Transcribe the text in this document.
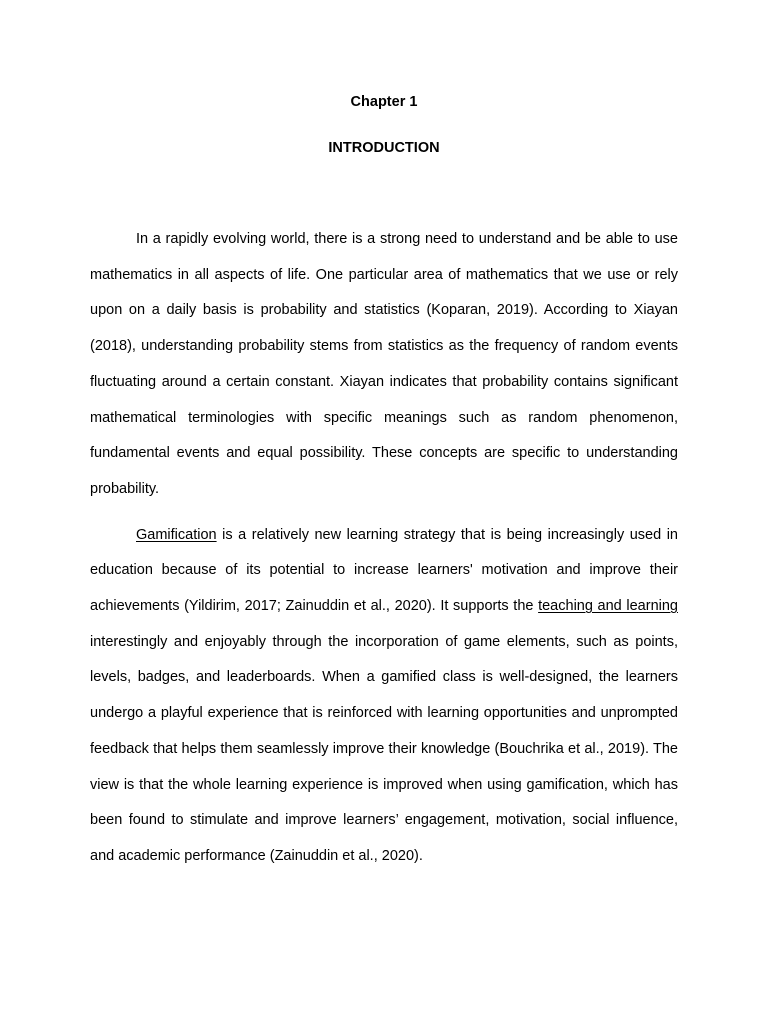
Chapter 1
INTRODUCTION

In a rapidly evolving world, there is a strong need to understand and be able to use mathematics in all aspects of life. One particular area of mathematics that we use or rely upon on a daily basis is probability and statistics (Koparan, 2019). According to Xiayan (2018), understanding probability stems from statistics as the frequency of random events fluctuating around a certain constant. Xiayan indicates that probability contains significant mathematical terminologies with specific meanings such as random phenomenon, fundamental events and equal possibility. These concepts are specific to understanding probability.

Gamification is a relatively new learning strategy that is being increasingly used in education because of its potential to increase learners' motivation and improve their achievements (Yildirim, 2017; Zainuddin et al., 2020). It supports the teaching and learning interestingly and enjoyably through the incorporation of game elements, such as points, levels, badges, and leaderboards. When a gamified class is well-designed, the learners undergo a playful experience that is reinforced with learning opportunities and unprompted feedback that helps them seamlessly improve their knowledge (Bouchrika et al., 2019). The view is that the whole learning experience is improved when using gamification, which has been found to stimulate and improve learners’ engagement, motivation, social influence, and academic performance (Zainuddin et al., 2020).
